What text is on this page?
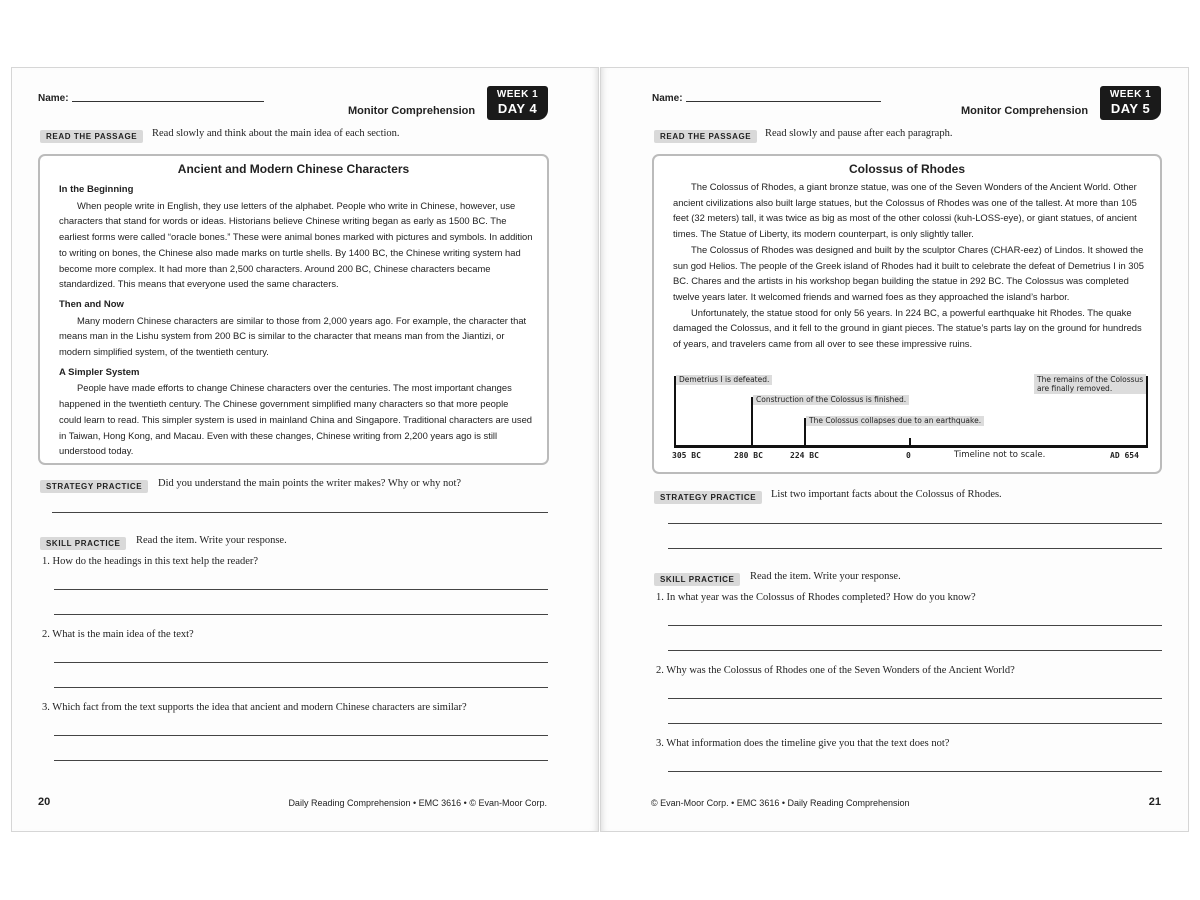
Name:
Monitor Comprehension
WEEK 1
DAY 4
READ THE PASSAGE	Read slowly and think about the main idea of each section.
Ancient and Modern Chinese Characters
In the Beginning

When people write in English, they use letters of the alphabet. People who write in Chinese, however, use characters that stand for words or ideas. Historians believe Chinese writing began as early as 1500 BC. The earliest forms were called “oracle bones.” These were animal bones marked with pictures and symbols. In addition to writing on bones, the Chinese also made marks on turtle shells. By 1400 BC, the Chinese writing system had become more complex. It had more than 2,500 characters. Around 200 BC, Chinese characters became standardized. This means that everyone used the same characters.

Then and Now

Many modern Chinese characters are similar to those from 2,000 years ago. For example, the character that means man in the Lishu system from 200 BC is similar to the character that means man from the Jiantizi, or modern simplified system, of the twentieth century.

A Simpler System

People have made efforts to change Chinese characters over the centuries. The most important changes happened in the twentieth century. The Chinese government simplified many characters so that more people could learn to read. This simpler system is used in mainland China and Singapore. Traditional characters are used in Taiwan, Hong Kong, and Macau. Even with these changes, Chinese writing from 2,200 years ago is still understood today.

STRATEGY PRACTICE	Did you understand the main points the writer makes? Why or why not?
SKILL PRACTICE	Read the item. Write your response.
1. How do the headings in this text help the reader?
2. What is the main idea of the text?
3. Which fact from the text supports the idea that ancient and modern Chinese characters are similar?
20	Daily Reading Comprehension • EMC 3616 • © Evan-Moor Corp.
Name:
Monitor Comprehension
WEEK 1
DAY 5
READ THE PASSAGE	Read slowly and pause after each paragraph.
Colossus of Rhodes

The Colossus of Rhodes, a giant bronze statue, was one of the Seven Wonders of the Ancient World. Other ancient civilizations also built large statues, but the Colossus of Rhodes was one of the tallest. At more than 105 feet (32 meters) tall, it was twice as big as most of the other colossi (kuh-LOSS-eye), or giant statues, of ancient times. The Statue of Liberty, its modern counterpart, is only slightly taller.

The Colossus of Rhodes was designed and built by the sculptor Chares (CHAR-eez) of Lindos. It showed the sun god Helios. The people of the Greek island of Rhodes had it built to celebrate the defeat of Demetrius I in 305 BC. Chares and the artists in his workshop began building the statue in 292 BC. The Colossus was completed twelve years later. It welcomed friends and warned foes as they approached the island’s harbor.

Unfortunately, the statue stood for only 56 years. In 224 BC, a powerful earthquake hit Rhodes. The quake damaged the Colossus, and it fell to the ground in giant pieces. The statue’s parts lay on the ground for hundreds of years, and travelers came from all over to see these impressive ruins.

Demetrius I is defeated.
Construction of the Colossus is finished.
The Colossus collapses due to an earthquake.
The remains of the Colossus
are finally removed.
305 BC	280 BC	224 BC	0	Timeline not to scale.	AD 654
STRATEGY PRACTICE	List two important facts about the Colossus of Rhodes.
SKILL PRACTICE	Read the item. Write your response.
1. In what year was the Colossus of Rhodes completed? How do you know?
2. Why was the Colossus of Rhodes one of the Seven Wonders of the Ancient World?
3. What information does the timeline give you that the text does not?
© Evan-Moor Corp. • EMC 3616 • Daily Reading Comprehension	21
